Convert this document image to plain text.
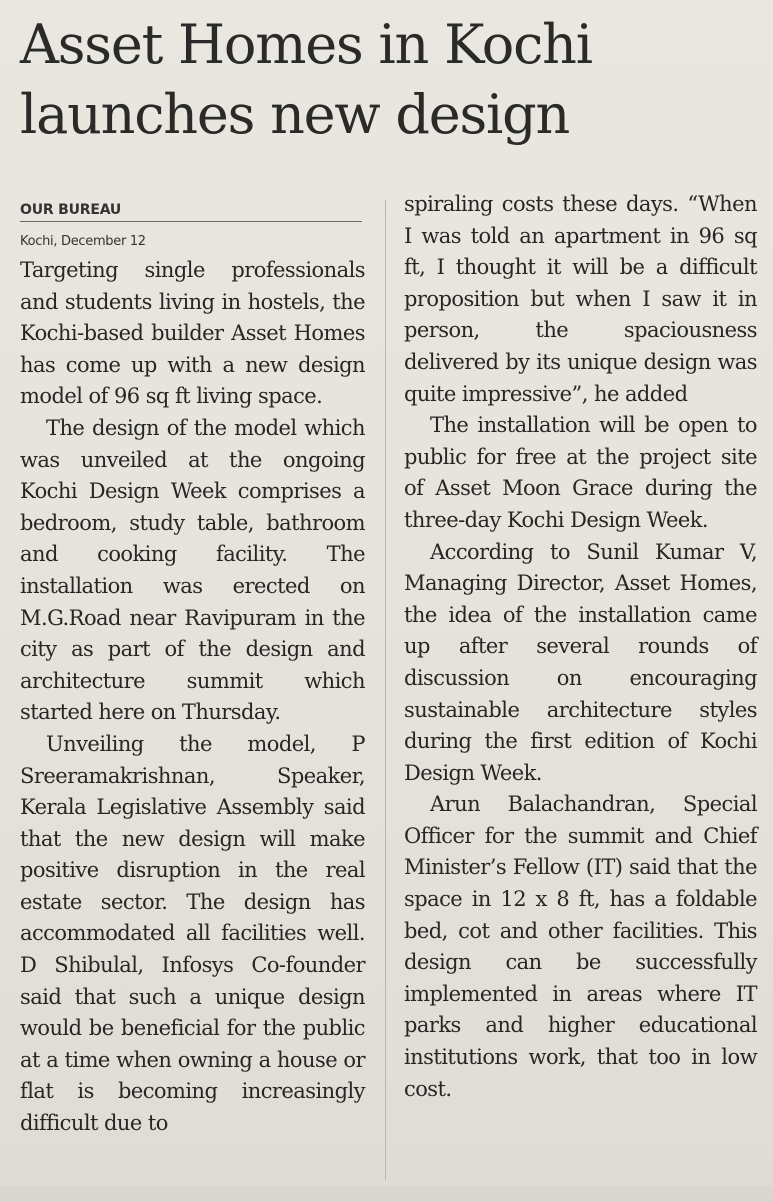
Asset Homes in Kochi
launches new design
OUR BUREAU
Kochi, December 12

Targeting single professionals and students living in hostels, the Kochi-based builder Asset Homes has come up with a new design model of 96 sq ft living space.

The design of the model which was unveiled at the ongoing Kochi Design Week comprises a bedroom, study table, bathroom and cooking facility. The installation was erected on M.G.Road near Ravipuram in the city as part of the design and architecture summit which started here on Thursday.

Unveiling the model, P Sreeramakrishnan, Speaker, Kerala Legislative Assembly said that the new design will make positive disruption in the real estate sector. The design has accommodated all facilities well. D Shibulal, Infosys Co-founder said that such a unique design would be beneficial for the public at a time when owning a house or flat is becoming increasingly difficult due to

spiraling costs these days. “When I was told an apartment in 96 sq ft, I thought it will be a difficult proposition but when I saw it in person, the spaciousness delivered by its unique design was quite impressive”, he added

The installation will be open to public for free at the project site of Asset Moon Grace during the three-day Kochi Design Week.

According to Sunil Kumar V, Managing Director, Asset Homes, the idea of the installation came up after several rounds of discussion on encouraging sustainable architecture styles during the first edition of Kochi Design Week.

Arun Balachandran, Special Officer for the summit and Chief Minister’s Fellow (IT) said that the space in 12 x 8 ft, has a foldable bed, cot and other facilities. This design can be successfully implemented in areas where IT parks and higher educational institutions work, that too in low cost.
